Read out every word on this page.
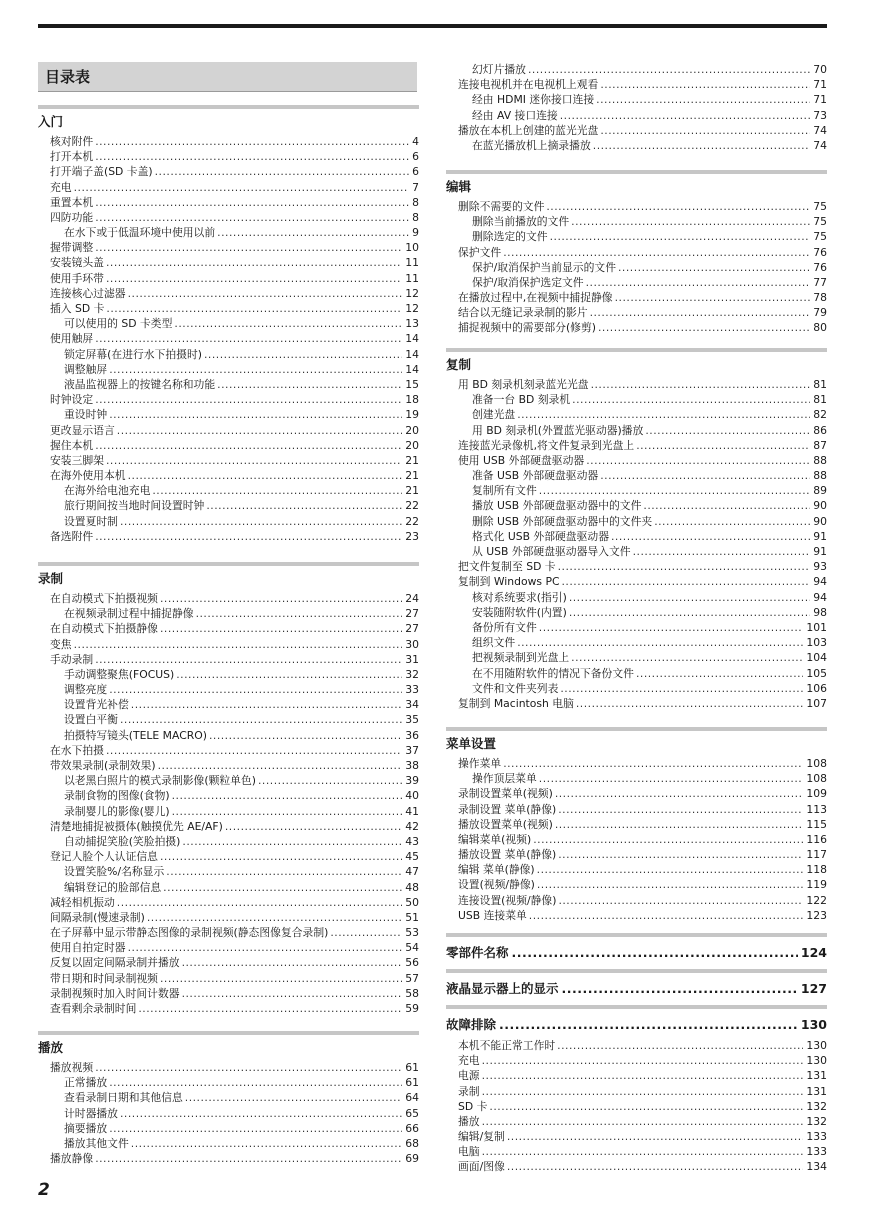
目录表
入门
核对附件 .....	4
打开本机 .....	6
打开端子盖(SD 卡盖) .....	6
充电 .....	7
重置本机 .....	8
四防功能 .....	8
在水下或于低温环境中使用以前 .....	9
握带调整 .....	10
安装镜头盖 .....	11
使用手环带 .....	11
连接核心过滤器 .....	12
插入 SD 卡 .....	12
可以使用的 SD 卡类型 .....	13
使用触屏 .....	14
锁定屏幕(在进行水下拍摄时) .....	14
调整触屏 .....	14
液晶监视器上的按键名称和功能 .....	15
时钟设定 .....	18
重设时钟 .....	19
更改显示语言 .....	20
握住本机 .....	20
安装三脚架 .....	21
在海外使用本机 .....	21
在海外给电池充电 .....	21
旅行期间按当地时间设置时钟 .....	22
设置夏时制 .....	22
备选附件 .....	23
录制
在自动模式下拍摄视频 .....	24
在视频录制过程中捕捉静像 .....	27
在自动模式下拍摄静像 .....	27
变焦 .....	30
手动录制 .....	31
手动调整聚焦(FOCUS) .....	32
调整亮度 .....	33
设置背光补偿 .....	34
设置白平衡 .....	35
拍摄特写镜头(TELE MACRO) .....	36
在水下拍摄 .....	37
带效果录制(录制效果) .....	38
以老黑白照片的模式录制影像(颗粒单色) .....	39
录制食物的图像(食物) .....	40
录制婴儿的影像(婴儿) .....	41
清楚地捕捉被摄体(触摸优先 AE/AF) .....	42
自动捕捉笑脸(笑脸拍摄) .....	43
登记人脸个人认证信息 .....	45
设置笑脸%/名称显示 .....	47
编辑登记的脸部信息 .....	48
减轻相机振动 .....	50
间隔录制(慢速录制) .....	51
在子屏幕中显示带静态图像的录制视频(静态图像复合录制) .....	53
使用自拍定时器 .....	54
反复以固定间隔录制并播放 .....	56
带日期和时间录制视频 .....	57
录制视频时加入时间计数器 .....	58
查看剩余录制时间 .....	59
播放
播放视频 .....	61
正常播放 .....	61
查看录制日期和其他信息 .....	64
计时器播放 .....	65
摘要播放 .....	66
播放其他文件 .....	68
播放静像 .....	69
幻灯片播放 .....	70
连接电视机并在电视机上观看 .....	71
经由 HDMI 迷你接口连接 .....	71
经由 AV 接口连接 .....	73
播放在本机上创建的蓝光光盘 .....	74
在蓝光播放机上摘录播放 .....	74
编辑
删除不需要的文件 .....	75
删除当前播放的文件 .....	75
删除选定的文件 .....	75
保护文件 .....	76
保护/取消保护当前显示的文件 .....	76
保护/取消保护选定文件 .....	77
在播放过程中,在视频中捕捉静像 .....	78
结合以无缝记录录制的影片 .....	79
捕捉视频中的需要部分(修剪) .....	80
复制
用 BD 刻录机刻录蓝光光盘 .....	81
准备一台 BD 刻录机 .....	81
创建光盘 .....	82
用 BD 刻录机(外置蓝光驱动器)播放 .....	86
连接蓝光录像机,将文件复录到光盘上 .....	87
使用 USB 外部硬盘驱动器 .....	88
准备 USB 外部硬盘驱动器 .....	88
复制所有文件 .....	89
播放 USB 外部硬盘驱动器中的文件 .....	90
删除 USB 外部硬盘驱动器中的文件夹 .....	90
格式化 USB 外部硬盘驱动器 .....	91
从 USB 外部硬盘驱动器导入文件 .....	91
把文件复制至 SD 卡 .....	93
复制到 Windows PC .....	94
核对系统要求(指引) .....	94
安装随附软件(内置) .....	98
备份所有文件 .....	101
组织文件 .....	103
把视频录制到光盘上 .....	104
在不用随附软件的情况下备份文件 .....	105
文件和文件夹列表 .....	106
复制到 Macintosh 电脑 .....	107
菜单设置
操作菜单 .....	108
操作顶层菜单 .....	108
录制设置菜单(视频) .....	109
录制设置 菜单(静像) .....	113
播放设置菜单(视频) .....	115
编辑菜单(视频) .....	116
播放设置 菜单(静像) .....	117
编辑 菜单(静像) .....	118
设置(视频/静像) .....	119
连接设置(视频/静像) .....	122
USB 连接菜单 .....	123
零部件名称 .....	124
液晶显示器上的显示 .....	127
故障排除 .....	130
本机不能正常工作时 .....	130
充电 .....	130
电源 .....	131
录制 .....	131
SD 卡 .....	132
播放 .....	132
编辑/复制 .....	133
电脑 .....	133
画面/图像 .....	134
2
